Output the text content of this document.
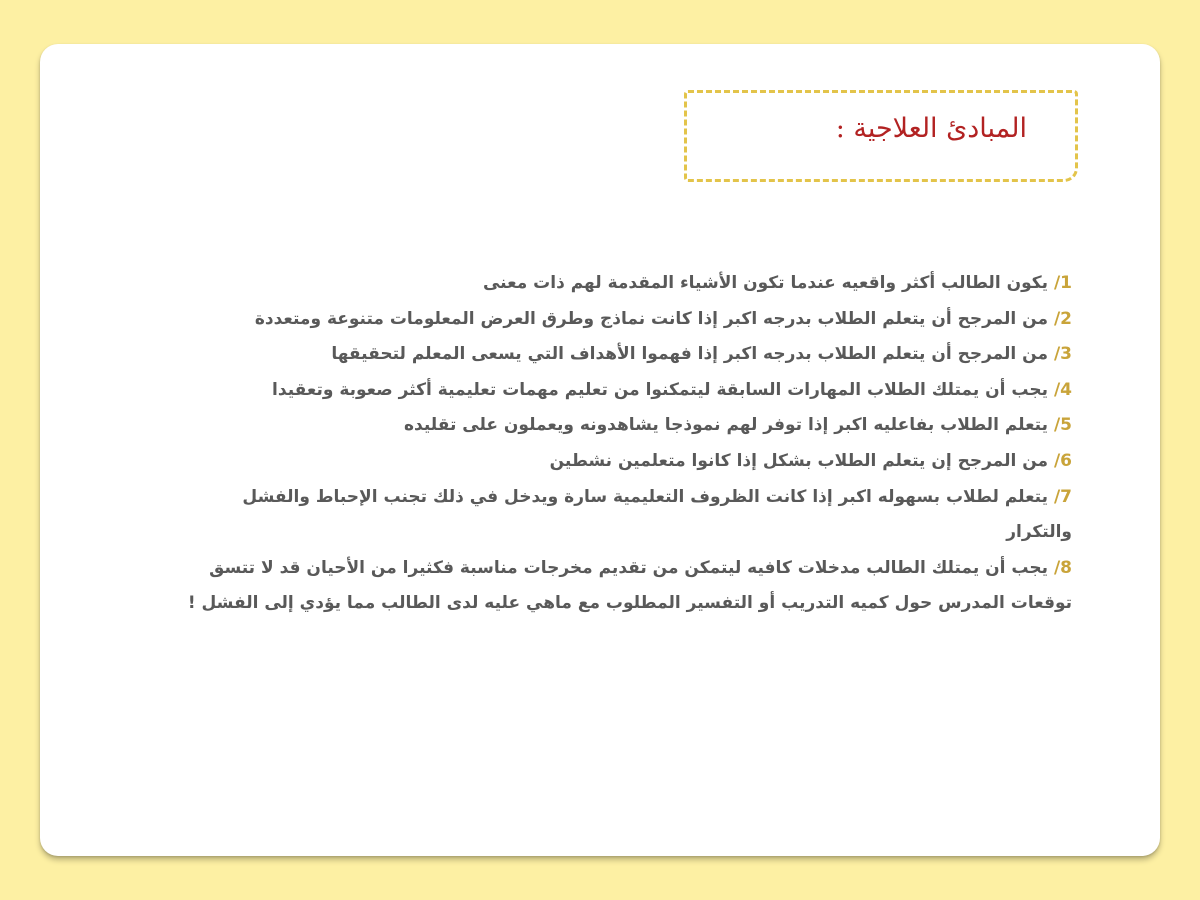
المبادئ العلاجية :
1/ يكون الطالب أكثر واقعيه عندما تكون الأشياء المقدمة لهم ذات معنى
2/ من المرجح أن يتعلم الطلاب بدرجه اكبر إذا كانت نماذج وطرق العرض المعلومات متنوعة ومتعددة
3/ من المرجح أن يتعلم الطلاب بدرجه اكبر إذا فهموا الأهداف التي يسعى المعلم لتحقيقها
4/ يجب أن يمتلك الطلاب المهارات السابقة ليتمكنوا من تعليم مهمات تعليمية أكثر صعوبة وتعقيدا
5/ يتعلم الطلاب بفاعليه اكبر إذا توفر لهم نموذجا يشاهدونه ويعملون على تقليده
6/ من المرجح إن يتعلم الطلاب بشكل إذا كانوا متعلمين نشطين
7/ يتعلم لطلاب بسهوله اكبر إذا كانت الظروف التعليمية سارة ويدخل في ذلك تجنب الإحباط والفشل والتكرار
8/ يجب أن يمتلك الطالب مدخلات كافيه ليتمكن من تقديم مخرجات مناسبة فكثيرا من الأحيان قد لا تتسق توقعات المدرس حول كميه التدريب أو التفسير المطلوب مع ماهي عليه لدى الطالب مما يؤدي إلى الفشل !
